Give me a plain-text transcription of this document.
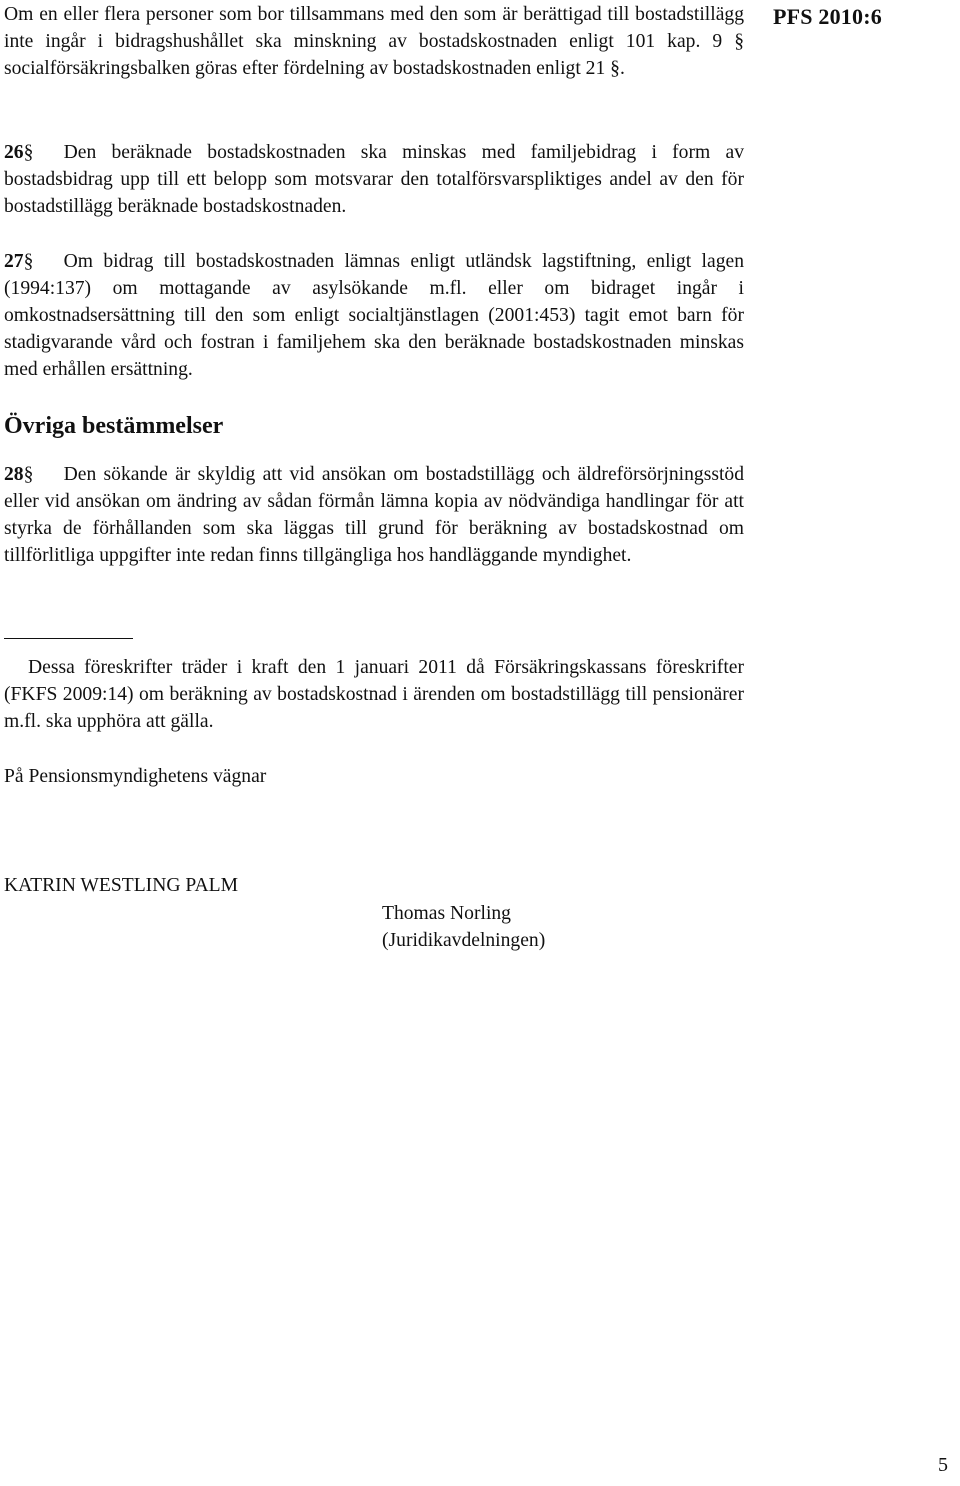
PFS 2010:6

Om en eller flera personer som bor tillsammans med den som är berättigad till bostadstillägg inte ingår i bidragshushållet ska minskning av bostadskostnaden enligt 101 kap. 9 § socialförsäkringsbalken göras efter fördelning av bostadskostnaden enligt 21 §.

26§ Den beräknade bostadskostnaden ska minskas med familjebidrag i form av bostadsbidrag upp till ett belopp som motsvarar den totalförsvarspliktiges andel av den för bostadstillägg beräknade bostadskostnaden.

27§ Om bidrag till bostadskostnaden lämnas enligt utländsk lagstiftning, enligt lagen (1994:137) om mottagande av asylsökande m.fl. eller om bidraget ingår i omkostnadsersättning till den som enligt socialtjänstlagen (2001:453) tagit emot barn för stadigvarande vård och fostran i familjehem ska den beräknade bostadskostnaden minskas med erhållen ersättning.

Övriga bestämmelser

28§ Den sökande är skyldig att vid ansökan om bostadstillägg och äldreförsörjningsstöd eller vid ansökan om ändring av sådan förmån lämna kopia av nödvändiga handlingar för att styrka de förhållanden som ska läggas till grund för beräkning av bostadskostnad om tillförlitliga uppgifter inte redan finns tillgängliga hos handläggande myndighet.

Dessa föreskrifter träder i kraft den 1 januari 2011 då Försäkringskassans föreskrifter (FKFS 2009:14) om beräkning av bostadskostnad i ärenden om bostadstillägg till pensionärer m.fl. ska upphöra att gälla.

På Pensionsmyndighetens vägnar

KATRIN WESTLING PALM

Thomas Norling

(Juridikavdelningen)

5
